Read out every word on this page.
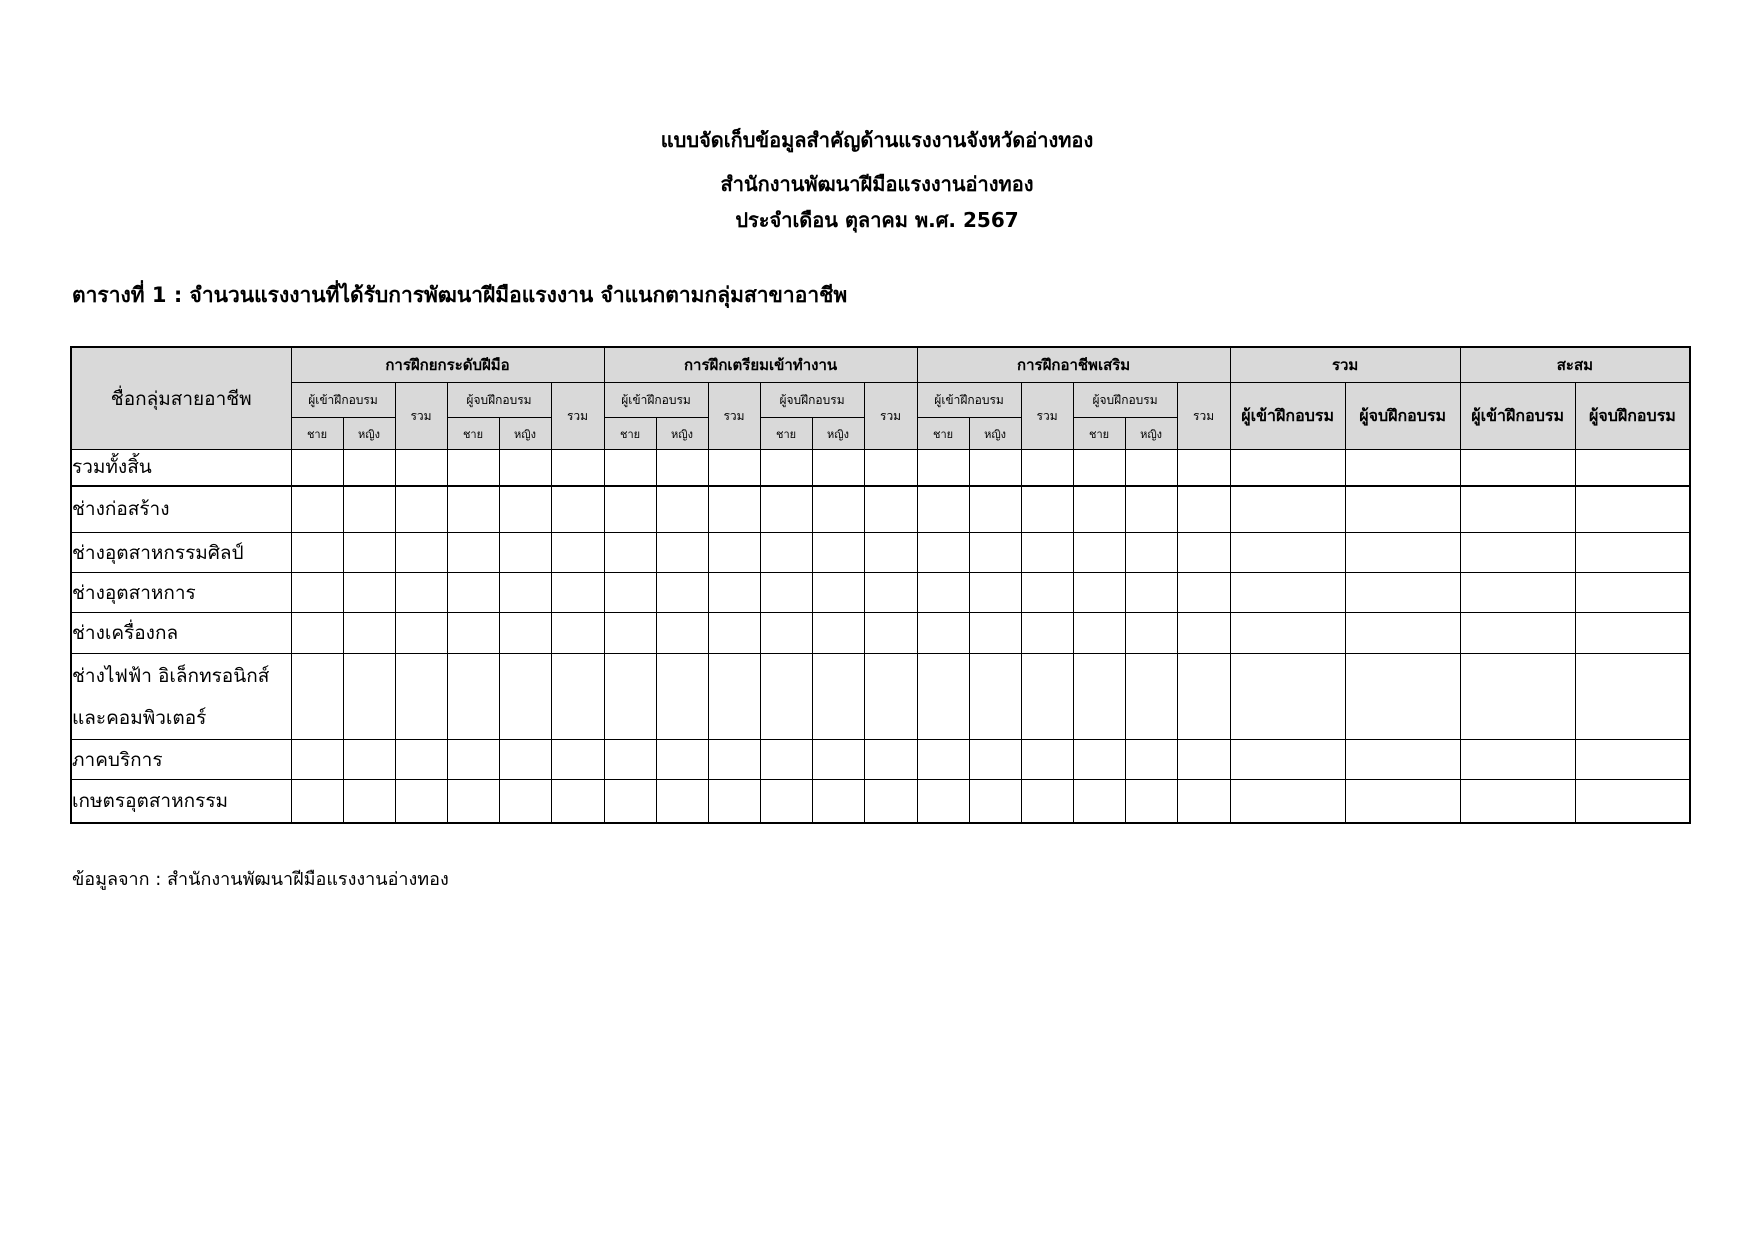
แบบจัดเก็บข้อมูลสำคัญด้านแรงงานจังหวัดอ่างทอง
สำนักงานพัฒนาฝีมือแรงงานอ่างทอง
ประจำเดือน ตุลาคม พ.ศ. 2567
ตารางที่ 1 : จำนวนแรงงานที่ได้รับการพัฒนาฝีมือแรงงาน จำแนกตามกลุ่มสาขาอาชีพ
ชื่อกลุ่มสายอาชีพ	การฝึกยกระดับฝีมือ						การฝึกเตรียมเข้าทำงาน						การฝึกอาชีพเสริม						รวม		สะสม	
	ผู้เข้าฝึกอบรม		รวม	ผู้จบฝึกอบรม		รวม	ผู้เข้าฝึกอบรม		รวม	ผู้จบฝึกอบรม		รวม	ผู้เข้าฝึกอบรม		รวม	ผู้จบฝึกอบรม		รวม	ผู้เข้าฝึกอบรม	ผู้จบฝึกอบรม	ผู้เข้าฝึกอบรม	ผู้จบฝึกอบรม
	ชาย	หญิง		ชาย	หญิง		ชาย	หญิง		ชาย	หญิง		ชาย	หญิง		ชาย	หญิง					
รวมทั้งสิ้น																						
ช่างก่อสร้าง																						
ช่างอุตสาหกรรมศิลป์																						
ช่างอุตสาหการ																						
ช่างเครื่องกล																						

ช่างไฟฟ้า อิเล็กทรอนิกส์
และคอมพิวเตอร์																						

ภาคบริการ																						
เกษตรอุตสาหกรรม																						
ข้อมูลจาก : สำนักงานพัฒนาฝีมือแรงงานอ่างทอง
